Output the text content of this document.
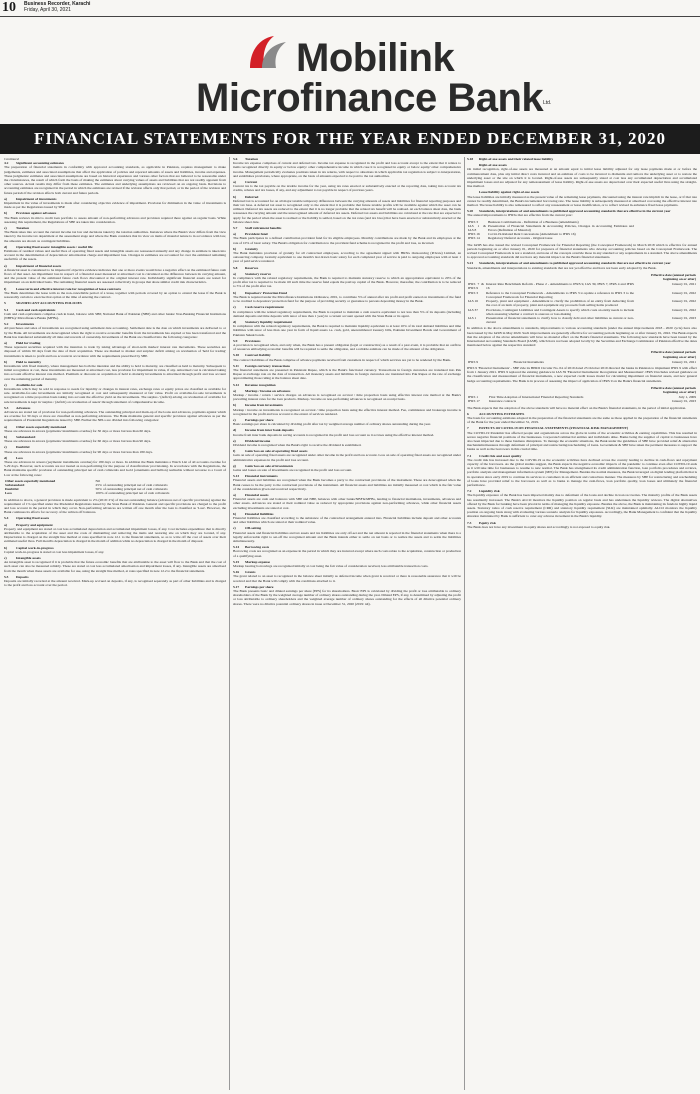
10 Business Recorder, Karachi
Friday, April 30, 2021
Mobilink
Microfinance Bank Ltd.
FINANCIAL STATEMENTS FOR THE YEAR ENDED DECEMBER 31, 2020
Continued
4.2	Significant accounting estimates
The preparation of financial statements in conformity with approved accounting standards, as applicable in Pakistan, requires management to make judgements, estimates and associated assumptions that affect the application of policies and reported amounts of assets and liabilities, income and expenses. These judgments/ estimates and associated assumptions are based on historical experience and various other factors that are believed to be reasonable under the circumstances, the result of which form the basis of making the estimates about carrying values of assets and liabilities that are not readily apparent from other sources. Actual results may differ from these estimates. The estimates and underlying assumptions are reviewed on an ongoing basis. Revisions to accounting estimates are recognised in the period in which the estimates are revised if the revision affects only that period, or in the period of the revision and future periods if the revision affects both current and future periods.
a)	Impairment of investments
Impairment in the value of investments is made after considering objective evidence of impairment. Provision for diminution in the value of investments is made as per the Regulations issued by SBP.
b)	Provision against advances
The Bank reviews its micro credit loan portfolio to assess amount of non-performing advances and provision required there against on regular basis. While assessing this requirement, the Regulations of SBP are taken into consideration.
c)	Taxation
The Bank takes into account the current income tax law and decisions taken by the taxation authorities. Instances where the Bank's view differs from the view taken by the income tax department at the assessment stage and where the Bank considers that its view on items of material nature is in accordance with law, the amounts are shown as contingent liabilities.
d)	Operating fixed assets/ intangible assets / useful life
Estimates of residual values and useful lives of operating fixed assets and intangible assets are reassessed annually and any change in estimate is taken into account in the determination of depreciation/ amortisation charge and impairment loss. Changes in estimates are accounted for over the estimated remaining useful life of the assets.
e)	Impairment of financial assets
A financial asset is considered to be impaired if objective evidence indicates that one or more events would have a negative effect on the estimated future cash flows of that asset. An impairment loss in respect of a financial asset measured at amortised cost is calculated as the difference between its carrying amount, and the present value of the estimated future cash flows discounted at the original interest rate. Individually significant financial assets are tested for impairment on an individual basis. The remaining financial assets are assessed collectively in groups that share similar credit risk characteristics.
f)	Lease term and effective interest rate for recognition of lease contracts
The Bank determines the lease term as the non-cancellable period of a lease, together with periods covered by an option to extend the lease if the Bank is reasonably certain to exercise that option at the time of entering the contract.
5	SIGNIFICANT ACCOUNTING POLICIES
5.1	Cash and cash equivalents
Cash and cash equivalents comprise cash in hand, balance with SBP, National Bank of Pakistan (NBP) and other banks/ Non-Banking Financial Institutions (NBFIs)/ Microfinance Banks (MFBs).
5.2	Investments
All purchases and sales of investments are recognized using settlement date accounting. Settlement date is the date on which investments are delivered to or by the Bank. All investments are derecognized when the right to receive economic benefits from the investments has expired or has been transferred and the Bank has transferred substantially all risks and rewards of ownership. Investments of the Bank are classified into the following categories:
a)	Held for trading
These represent securities acquired with the intention to trade by taking advantage of short-term market/ interest rate movements. These securities are disposed of within 90 days from the date of their acquisition. These are marked to market and surplus/ deficit arising on revaluation of 'held for trading' investments is taken to profit and loss account in accordance with the requirements prescribed by SBP.
b)	Held to maturity
Investments with fixed maturity, where management has both the intention and the ability to hold to maturity, are classified as held to maturity. Subsequent to initial recognition at cost, these investments are measured at amortised cost, less provision for impairment in value, if any. Amortised cost is calculated taking into account effective interest rate method. Premium or discount on acquisition of held to maturity investments is amortized through profit and loss account over the remaining period of maturity.
c)	Available-for-sale
Investments which may be sold in response to needs for liquidity or changes in interest rates, exchange rates or equity prices are classified as available for sale. Available-for-sale investments are initially recognised at cost and subsequently measured at fair value. Profit on available-for-sale investments is recognized on a time proportion basis taking into account the effective yield on the investments. The surplus / (deficit) arising on revaluation of available for sale investments is kept in 'surplus / (deficit) on revaluation of assets' through statement of comprehensive income.
5.3	Advances
Advances are stated net of provision for non-performing advances. The outstanding principal and mark-up of the loans and advances, payments against which are overdue for 30 days or more are classified as non-performing advances. The Bank maintains general and specific provision against advances as per the requirements of Prudential Regulations issued by SBP. Further the NPLs are divided into following categories:
a)	Other assets especially mentioned
These are advances in arrears (payments/ instalments overdue) for 30 days or more but less than 60 days.
b)	Substandard
These are advances in arrears (payments/ instalments overdue) for 60 days or more but less than 90 days.
c)	Doubtful
These are advances in arrears (payments/ instalments overdue) for 90 days or more but less than 180 days.
d)	Loss
These are advances in arrears (payments/ instalments overdue) for 180 days or more. In addition the Bank maintains a Watch List of all accounts overdue for 5-29 days. However, such accounts are not treated as non-performing for the purpose of classification/ provisioning. In accordance with the Regulations, the Bank maintains specific provision of outstanding principal net of cash collaterals and Gold (ornaments and bullion) realisable without recourse to a Court of Law at the following rates:
Other assets especially mentioned	Nil
Substandard	25% of outstanding principal net of cash collaterals
Doubtful	50% of outstanding principal net of cash collaterals
Loss	100% of outstanding principal net of cash collaterals
In addition to above, a general provision is made equivalent to 2% (2019: 2%) of the net outstanding balance (advances net of specific provisions) against the requirement of 1% specified under the Prudential Regulations issued by the State Bank of Pakistan. General and specific provisions are charged to the profit and loss account in the period in which they occur. Non-performing advances are written off one month after the loan is classified as 'Loss'. However, the Bank continues its efforts for recovery of the written off balances.
5.4	Operating fixed assets
a)	Property and equipment
Property and equipment are stated at cost less accumulated depreciation and accumulated impairment losses, if any. Cost includes expenditure that is directly attributable to the acquisition of the asset and the costs of dismantling and removing the items and restoring site on which they are located, if any. Depreciation is charged on the straight line method at rates specified in note 12.1 to the financial statements, so as to write off the cost of assets over their estimated useful lives. Full month's depreciation is charged in the month of addition while no depreciation is charged in the month of disposal.
b)	Capital work-in-progress
Capital work-in-progress is stated at cost less impairment losses, if any.
c)	Intangible assets
An intangible asset is recognised if it is probable that the future economic benefits that are attributable to the asset will flow to the Bank and that the cost of such asset can also be measured reliably. These are stated at cost less accumulated amortisation and impairment losses, if any. Intangible assets are amortised from the month when these assets are available for use, using the straight line method, at rates specified in note 12.2 to the financial statements.
5.5	Deposits
Deposits are initially recorded at the amount received. Mark-up accrued on deposits, if any, is recognised separately as part of other liabilities and is charged to the profit and loss account over the period.
5.6	Taxation
Income tax expense comprises of current and deferred tax. Income tax expense is recognized in the profit and loss account except to the extent that it relates to items recognized directly in equity or below equity/ other comprehensive income in which case it is recognized in equity or below equity/ other comprehensive income. Management periodically evaluates positions taken in tax returns, with respect to situations in which applicable tax regulation is subject to interpretation, and establishes provisions, where appropriate, on the basis of amounts expected to be paid to the tax authorities.
a)	Current
Current tax is the tax payable on the taxable income for the year, using tax rates enacted or substantively enacted at the reporting date, taking into account tax credits, rebates and tax losses, if any, and any adjustment to tax payable in respect of previous years.
b)	Deferred
Deferred tax is accounted for on all major taxable temporary differences between the carrying amounts of assets and liabilities for financial reporting purposes and their tax base. A deferred tax asset is recognized only to the extent that it is probable that future taxable profits will be available against which the asset can be utilized. Deferred tax assets are reduced to the extent that it is no longer probable that the related tax benefit will be realised. At each balance sheet date, the bank reassesses the carrying amount and the unrecognised amount of deferred tax assets. Deferred tax assets and liabilities are calculated at the rate that are expected to apply for the period when the asset is realised or the liability is settled, based on the tax rates (and tax laws) that have been enacted or substantively enacted at the balance sheet date.
5.7	Staff retirement benefits
a)	Provident fund
The Bank participates in a defined contribution provident fund for its eligible employees. Monthly contributions are made by the Bank and its employees at the rate of 10% of basic salary. The Bank's obligation for contribution to the provident fund scheme is recognised in the profit and loss, as incurred.
b)	Gratuity
The Bank maintains provision of gratuity for all contractual employees, according to the agreement signed with HRSG Outsourcing (Private) Limited, an outsourcing company. Gratuity equivalent to one month's last drawn basic salary for each completed year of service is paid to outgoing employees with at least 1 year of paid service rendered.
5.8	Reserves
a)	Statutory reserve
In compliance with the related regulatory requirements, the Bank is required to maintain statutory reserve to which an appropriation equivalent to 20% of the profit after tax is required to be made till such time the reserve fund equals the paid up capital of the Bank. However, thereafter, the contribution is to be reduced to 5% of the profit after tax.
b)	Depositors' Protection Fund
The Bank is required under the Microfinance Institutions Ordinance, 2001, to contribute 5% of annual after tax profit and profit earned on investments of the fund to be credited to depositors' protection fund for the purpose of providing security or guarantee to persons depositing money in the Bank.
c)	Cash reserve requirement
In compliance with the related regulatory requirements, the Bank is required to maintain a cash reserve equivalent to not less than 5% of its deposits (including demand deposits and time deposits with tenor of less than 1 year) in a current account opened with the State Bank or its agent.
d)	Statutory liquidity requirement
In compliance with the related regulatory requirements, the Bank is required to maintain liquidity equivalent to at least 10% of its total demand liabilities and time liabilities with tenor of less than one year in form of liquid assets i.e. cash, gold, unencumbered treasury bills, Pakistan Investment Bonds and Government of Pakistan Sukuk bonds.
5.9	Provisions
A provision is recognised when, and only when, the Bank has a present obligation (legal or constructive) as a result of a past event, it is probable that an outflow of resources embodying economic benefits will be required to settle the obligation, and a reliable estimate can be made of the amount of the obligation.
5.10	Contract liability
The contract liabilities of the Bank comprise of advance payments received from customers in respect of which services are yet to be rendered by the Bank.
5.11	Foreign currency transactions
The financial statements are presented in Pakistani Rupee, which is the Bank's functional currency. Transactions in foreign currencies are translated into Pak Rupee at exchange rate on the date of transaction. All monetary assets and liabilities in foreign currencies are translated into Pak Rupee at the rate of exchange approximating those ruling at the balance sheet date.
5.12	Revenue recognition
a)	Markup / Income on advances
Markup / income / return / service charges on advances is recognised on accrual / time proportion basis using effective interest rate method at the Bank's prevailing interest rates for the loan products. Markup / income on non-performing advances is recognised on receipt basis.
b)	Income from investments
Markup / income on investments is recognized on accrual / time proportion basis using the effective interest method. Fee, commission and brokerage income is recognized in the profit and loss account to the extent of services rendered.
c)	Earnings per share
Basic earnings per share is calculated by dividing profit after tax by weighted average number of ordinary shares outstanding during the year.
d)	Income from inter bank deposits
Income from inter bank deposits in saving accounts is recognized in the profit and loss account as it accrues using the effective interest method.
e)	Dividend income
Dividend income is recognized when the Bank's right to receive the dividend is established.
f)	Gain/ loss on sale of operating fixed assets
Gain on sale of operating fixed assets are recognized under other income in the profit and loss account. Loss on sale of operating fixed assets are recognized under administrative expenses in the profit and loss account.
g)	Gain/ loss on sale of investments
Gains and losses on sale of investments are recognized in the profit and loss account.
5.13	Financial instruments
Financial assets and liabilities are recognised when the Bank becomes a party to the contractual provisions of the instrument. These are derecognised when the Bank ceases to be the party to the contractual provisions of the instrument. All financial assets and liabilities are initially measured at cost which is the fair value of the consideration given and received respectively.
a)	Financial assets
Financial assets are cash and balances with SBP and NBP, balances with other banks/NBFIs/MFBs, lending to financial institutions, investments, advances and other assets. Advances are stated at their nominal value as reduced by appropriate provisions against non-performing advances, while other financial assets excluding investments are stated at cost.
b)	Financial liabilities
Financial liabilities are classified according to the substance of the contractual arrangement entered into. Financial liabilities include deposit and other accounts and other liabilities which are stated at their nominal value.
c)	Off-setting
Financial assets and financial liabilities and tax assets and tax liabilities are only off-set and the net amount is reported in the financial statements when there is a legally enforceable right to set-off the recognized amount and the Bank intends either to settle on net basis or to realize the assets and to settle the liabilities simultaneously.
5.14	Borrowing costs
Borrowing costs are recognized as an expense in the period in which they are incurred except where such costs relate to the acquisition, construction or production of a qualifying asset.
5.15	Markup expense
Markup bearing borrowings are recognized initially at cost being the fair value of consideration received, less attributable transaction costs.
5.16	Grants
The grant related to an asset is recognized in the balance sheet initially as deferred income when grant is received or there is reasonable assurance that it will be received and that the Bank will comply with the conditions attached to it.
5.17	Earnings per share
The Bank presents basic and diluted earnings per share (EPS) for its shareholders. Basic EPS is calculated by dividing the profit or loss attributable to ordinary shareholders of the Bank by the weighted average number of ordinary shares outstanding during the year. Diluted EPS, if any, is determined by adjusting the profit or loss attributable to ordinary shareholders and the weighted average number of ordinary shares outstanding for the effects of all dilutive potential ordinary shares. There were no dilutive potential ordinary shares in issue at December 31, 2020 (2019: nil).
5.18	Right-of-use assets and their related lease liability
Right-of-use assets
On initial recognition, right-of-use assets are measured at an amount equal to initial lease liability adjusted for any lease payments made at or before the commencement date, plus any initial direct costs incurred and an estimate of costs to be incurred to dismantle and remove the underlying asset or to restore the underlying asset or the site on which it is located. Right-of-use assets are subsequently stated at cost less any accumulated depreciation and accumulated impairment losses and are adjusted for any remeasurement of lease liability. Right-of-use assets are depreciated over their expected useful lives using the straight-line method.
Lease liability against right-of-use assets
The lease liabilities are initially measured as the present value of the remaining lease payments, discounted using the interest rate implicit in the lease, or if that rate cannot be readily determined, the Bank's incremental borrowing rate. The lease liability is subsequently measured at amortised cost using the effective interest rate method. The lease liability is also remeasured to reflect any reassessment or lease modification, or to reflect revised in-substance fixed lease payments.
5.20	Standards, interpretations of and amendments to published approved accounting standards that are effective in the current year
The annual improvements to IFRSs that are effective from the current year:
IFRS 3	Business Combinations - Definition of a Business (amendments)	
IAS 1 & IAS 8	Presentation of Financial Statements & Accounting Policies, Changes in Accounting Estimates and Errors (Definition of Material)	
IFRS 16	Covid-19-Related Rent Concessions (Amendment to IFRS 16)	
IFRS 14	Regulatory Deferral Accounts - Original issue	
The IASB has also issued the revised Conceptual Framework for Financial Reporting (the Conceptual Framework) in March 2018 which is effective for annual periods beginning on or after January 01, 2020 for preparers of financial statements who develop accounting policies based on the Conceptual Framework. The revised Conceptual Framework is not a standard, and none of the concepts override those in any standard or any requirements in a standard. The above amendments to approved accounting standards did not have any material impact on the Bank's financial statements.
5.21	Standards, interpretations of and amendments to published approved accounting standards that are not effective in current year
Standards, amendments and interpretations to existing standards that are not yet effective and have not been early adopted by the Bank.
		Effective date (annual periods beginning on or after)
IFRS 7 & IFRS 9	Interest Rate Benchmark Reform - Phase 2 - Amendments to IFRS 9, IAS 39, IFRS 7, IFRS 4 and IFRS 16	January 01, 2021
IFRS 3	Reference to the Conceptual Framework - Amendments to IFRS 3 to update a reference in IFRS 3 to the Conceptual Framework for Financial Reporting	January 01, 2022
IAS 16	Property, plant and equipment - Amendment to clarify the prohibition of an entity from deducting from the cost of an item of property, plant and equipment any proceeds from selling items produced	January 01, 2022
IAS 37	Provisions, Contingent Liabilities and Contingent Assets to specify which costs an entity needs to include when assessing whether a contract is onerous or loss-making	January 01, 2022
IAS 1	Presentation of financial statements to clarify how to classify debt and other liabilities as current or non-current	January 01, 2023
In addition to the above amendments to standards, improvements to various accounting standards (under the annual improvements 2018 - 2020 cycle) have also been issued by the IASB in May 2020. Such improvements are generally effective for accounting periods beginning on or after January 01, 2022. The Bank expects that the adoption of the above amendments will have no material effect on the Bank's financial statements. The following new standards have been issued by the International Accounting Standards Board (IASB), which have not been adopted locally by the Securities and Exchange Commission of Pakistan effective the dates mentioned below against the respective standard:
		Effective date (annual periods beginning on or after)
IFRS 9	Financial Instruments	January 01, 2021
IFRS 9 'Financial Instruments' - SBP vide its BPRD Circular No. 04 of 2019 dated 23 October 2019 directed the banks in Pakistan to implement IFRS 9 with effect from 1 January 2021. IFRS 9 replaced the existing guidance in IAS 39 'Financial Instruments: Recognition and Measurement'. IFRS 9 includes revised guidance on the classification and measurement of financial instruments, a new expected credit losses model for calculating impairment on financial assets, and new general hedge accounting requirements. The Bank is in process of assessing the impact of application of IFRS 9 on the Bank's financial statements.
		Effective date (annual periods beginning on or after)
IFRS 1	First Time Adoption of International Financial Reporting Standards	July 1, 2009
IFRS 17	Insurance contracts	January 01, 2023
The Bank expects that the adoption of the above standards will have no material effect on the Bank's financial statements, in the period of initial application.
6	ACCOUNTING ESTIMATES
The basis for accounting estimates adopted in the preparation of the financial statements are the same as those applied in the preparation of the financial statements of the Bank for the year ended December 31, 2019.
7	EFFECTS OF COVID-19 ON FINANCIAL STATEMENTS (FINANCIAL RISK MANAGEMENT)
The COVID-19 Pandemic has affected people and organizations across the globe in terms of the economic activities & earning capabilities. This has resulted in severe negative financial positions of the businesses. Corporate/Commercial entities and individuals alike. Banks being the supplier of capital to businesses have also been impacted due to these business disruptions. To manage the economic situations, the Bank under the guidelines of SBP have provided relief & alternative mechanisms/measures through deferment of principal and restructuring/rescheduling of loans. Government & SBP have taken the pertinent measures to support the banks as well as the borrowers in this crucial time.
7.1	Credit risk and asset quality
The credit risk has increased due to the COVID-19 as the economic activities have declined across the country leading to decline in cash-flows and repayment capacity of the borrowers. As the global studies suggest, the Bank expects the negative economic impacts of the pandemic to continue even after COVID-19 ends as it will take time for businesses to resume to new normal. The Bank has strengthened its credit administration function, loan portfolio procedures and reviews, portfolio analysis and management information system (MIS) for Management. Besides the normal measures, the Bank leveraged on digital lending platform that is in operation since early 2019 to continue its services to customers in an efficient and contactless manner. The measures by SBP for restructuring and rescheduling of loans have provided relief to the borrowers as well as to banks to manage the cash-flows, loan portfolio quality, loan losses and ultimately the financial performance.
7.2	Liquidity risk
The liquidity exposure of the Bank has been impacted mainly due to deferment of the loans and decline in loan recoveries. The maturity profile of the Bank assets has resultantly increased. The Bank's ALCO monitors the liquidity position on regular basis and has undertaken the liquidity reviews. The digital alternatives offered by the Bank for banking have been pivotal in terms of managing the liquidity exposure. Besides the above, the Bank is maintaining its funds in highly liquid assets. Statutory ratios of cash reserve requirement (CRR) and statutory liquidity requirement (SLR) are maintained optimally. ALCO monitors the liquidity position on ongoing basis along with evaluating various scenario analysis for liquidity exposures. Accordingly, the Bank Management is confident that the liquidity situation maintained by Bank is sufficient to cater any adverse movement in the Bank's liquidity.
7.3	Equity risk
The Bank does not have any investment in equity shares and accordingly is not exposed to equity risk.
